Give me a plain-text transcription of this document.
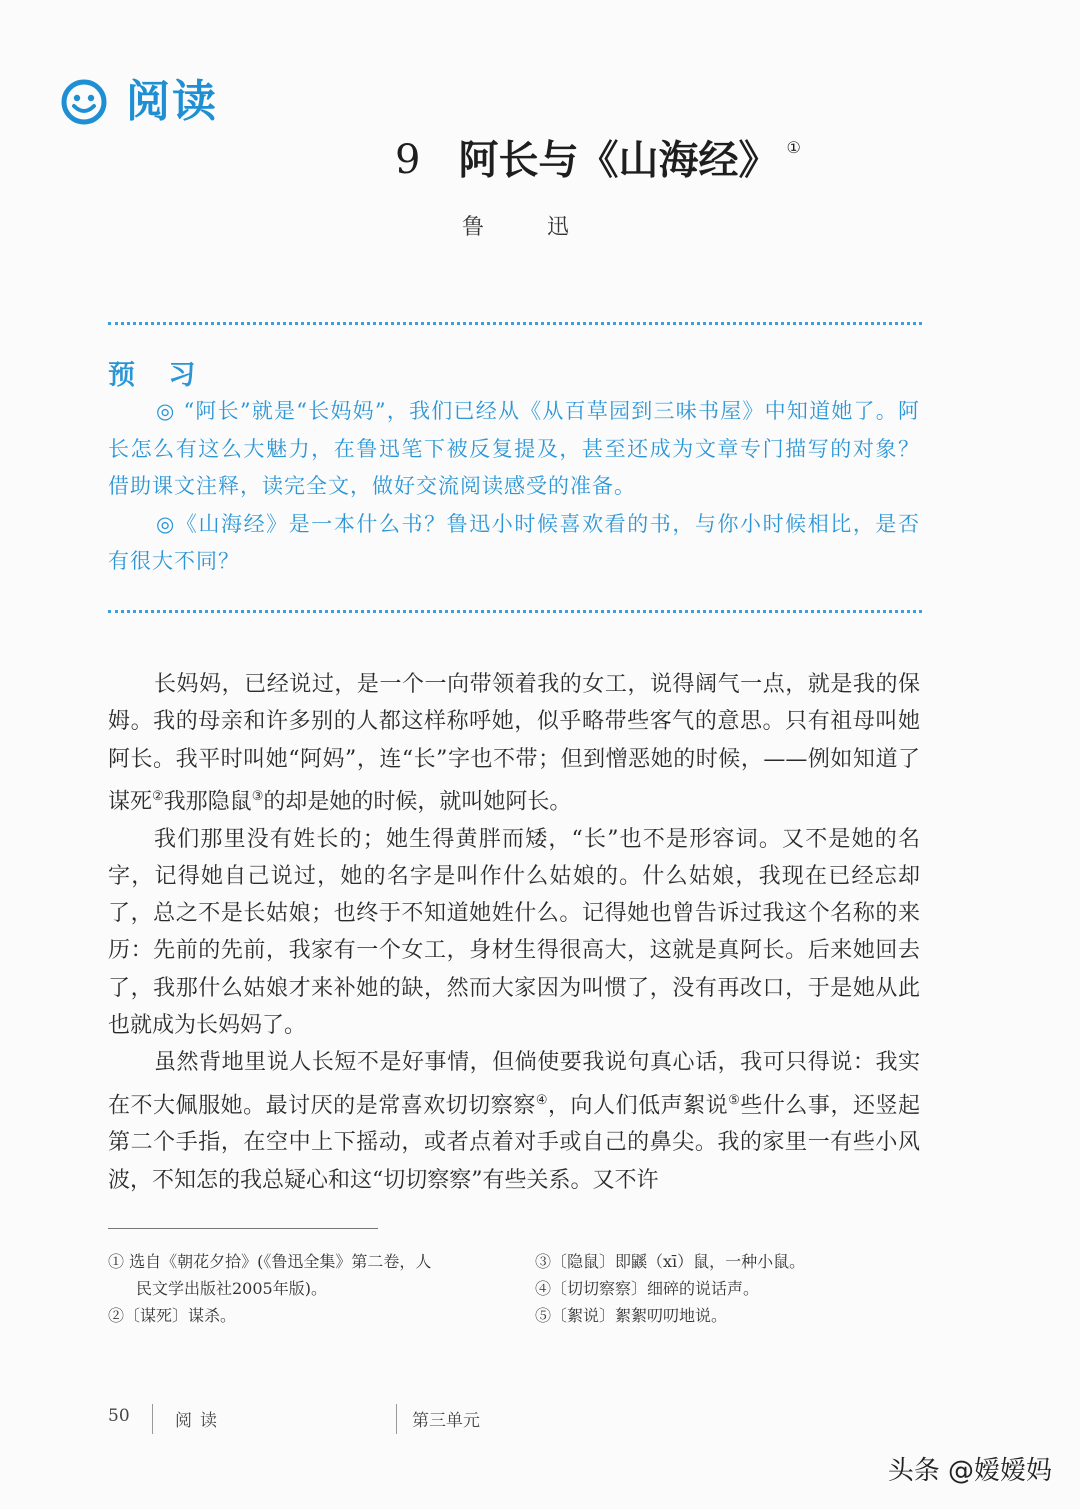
阅读
9 阿长与《山海经》 ①
鲁 迅
预 习

◎ “阿长”就是“长妈妈”，我们已经从《从百草园到三味书屋》中知道她了。阿长怎么有这么大魅力，在鲁迅笔下被反复提及，甚至还成为文章专门描写的对象？借助课文注释，读完全文，做好交流阅读感受的准备。

◎《山海经》是一本什么书？鲁迅小时候喜欢看的书，与你小时候相比，是否有很大不同？

长妈妈，已经说过，是一个一向带领着我的女工，说得阔气一点，就是我的保姆。我的母亲和许多别的人都这样称呼她，似乎略带些客气的意思。只有祖母叫她阿长。我平时叫她“阿妈”，连“长”字也不带；但到憎恶她的时候，——例如知道了谋死②我那隐鼠③的却是她的时候，就叫她阿长。

我们那里没有姓长的；她生得黄胖而矮，“长”也不是形容词。又不是她的名字，记得她自己说过，她的名字是叫作什么姑娘的。什么姑娘，我现在已经忘却了，总之不是长姑娘；也终于不知道她姓什么。记得她也曾告诉过我这个名称的来历：先前的先前，我家有一个女工，身材生得很高大，这就是真阿长。后来她回去了，我那什么姑娘才来补她的缺，然而大家因为叫惯了，没有再改口，于是她从此也就成为长妈妈了。

虽然背地里说人长短不是好事情，但倘使要我说句真心话，我可只得说：我实在不大佩服她。最讨厌的是常喜欢切切察察④，向人们低声絮说⑤些什么事，还竖起第二个手指，在空中上下摇动，或者点着对手或自己的鼻尖。我的家里一有些小风波，不知怎的我总疑心和这“切切察察”有些关系。又不许

① 选自《朝花夕拾》(《鲁迅全集》第二卷，人
民文学出版社2005年版)。
②〔谋死〕谋杀。
③〔隐鼠〕即鼷（xī）鼠，一种小鼠。
④〔切切察察〕细碎的说话声。
⑤〔絮说〕絮絮叨叨地说。
50	阅读	第三单元
头条 @嫒嫒妈
